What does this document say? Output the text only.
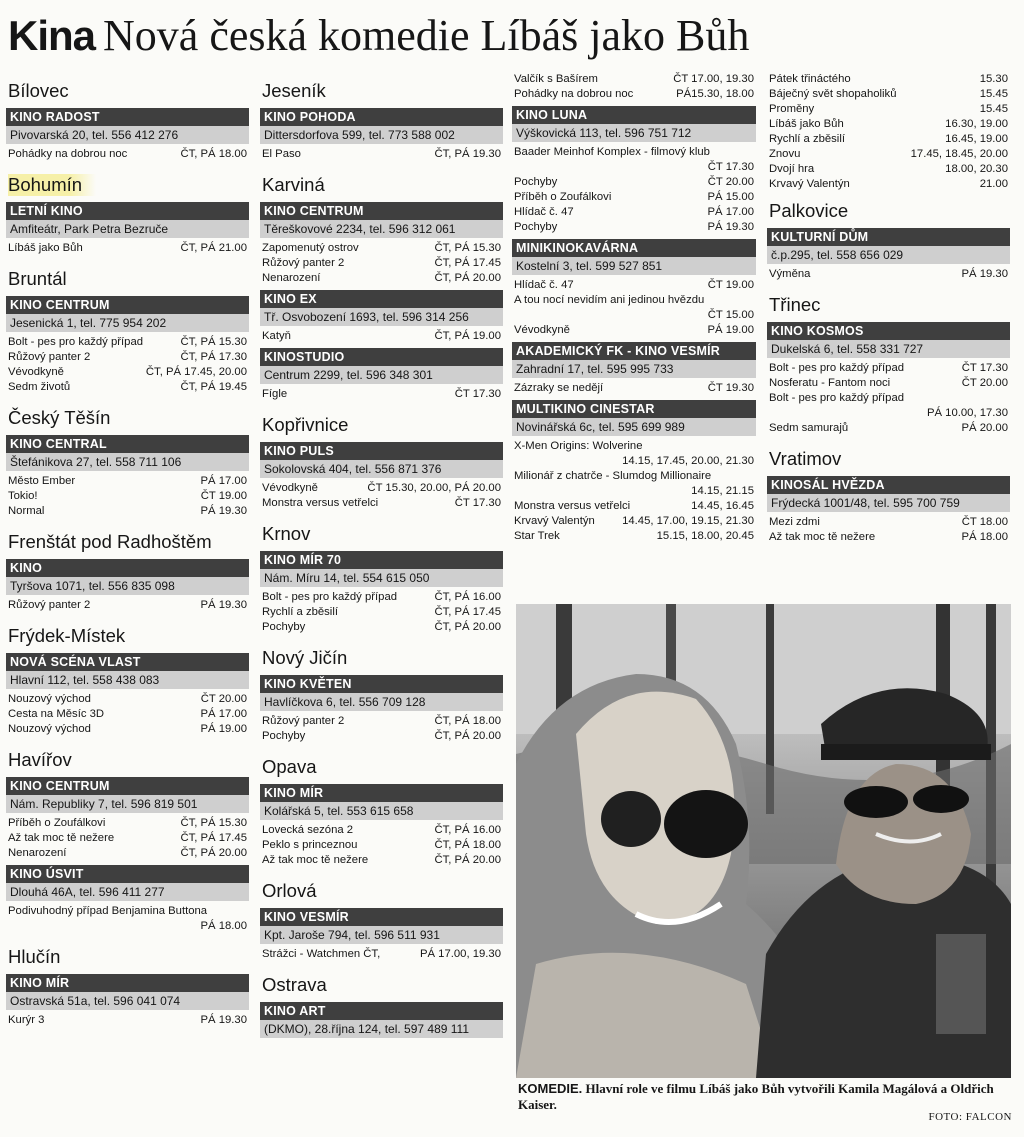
Kina Nová česká komedie Líbáš jako Bůh
Bílovec
KINO RADOST
Pivovarská 20, tel. 556 412 276
Pohádky na dobrou noc	ČT, PÁ 18.00
Bohumín
LETNÍ KINO
Amfiteátr, Park Petra Bezruče
Líbáš jako Bůh	ČT, PÁ 21.00
Bruntál
KINO CENTRUM
Jesenická 1, tel. 775 954 202
Bolt - pes pro každý případ	ČT, PÁ 15.30
Růžový panter 2	ČT, PÁ 17.30
Vévodkyně	ČT, PÁ 17.45, 20.00
Sedm životů	ČT, PÁ 19.45
Český Těšín
KINO CENTRAL
Štefánikova 27, tel. 558 711 106
Město Ember	PÁ 17.00
Tokio!	ČT 19.00
Normal	PÁ 19.30
Frenštát pod Radhoštěm
KINO
Tyršova 1071, tel. 556 835 098
Růžový panter 2	PÁ 19.30
Frýdek-Místek
NOVÁ SCÉNA VLAST
Hlavní 112, tel. 558 438 083
Nouzový východ	ČT 20.00
Cesta na Měsíc 3D	PÁ 17.00
Nouzový východ	PÁ 19.00
Havířov
KINO CENTRUM
Nám. Republiky 7, tel. 596 819 501
Příběh o Zoufálkovi	ČT, PÁ 15.30
Až tak moc tě nežere	ČT, PÁ 17.45
Nenarození	ČT, PÁ 20.00
KINO ÚSVIT
Dlouhá 46A, tel. 596 411 277
Podivuhodný případ Benjamina Buttona
PÁ 18.00
Hlučín
KINO MÍR
Ostravská 51a, tel. 596 041 074
Kurýr 3	PÁ 19.30
Jeseník
KINO POHODA
Dittersdorfova 599, tel. 773 588 002
El Paso	ČT, PÁ 19.30
Karviná
KINO CENTRUM
Těreškovové 2234, tel. 596 312 061
Zapomenutý ostrov	ČT, PÁ 15.30
Růžový panter 2	ČT, PÁ 17.45
Nenarození	ČT, PÁ 20.00
KINO EX
Tř. Osvobození 1693, tel. 596 314 256
Katyň	ČT, PÁ 19.00
KINOSTUDIO
Centrum 2299, tel. 596 348 301
Fígle	ČT 17.30
Kopřivnice
KINO PULS
Sokolovská 404, tel. 556 871 376
Vévodkyně	ČT 15.30, 20.00, PÁ 20.00
Monstra versus vetřelci	ČT 17.30
Krnov
KINO MÍR 70
Nám. Míru 14, tel. 554 615 050
Bolt - pes pro každý případ	ČT, PÁ 16.00
Rychlí a zběsilí	ČT, PÁ 17.45
Pochyby	ČT, PÁ 20.00
Nový Jičín
KINO KVĚTEN
Havlíčkova 6, tel. 556 709 128
Růžový panter 2	ČT, PÁ 18.00
Pochyby	ČT, PÁ 20.00
Opava
KINO MÍR
Kolářská 5, tel. 553 615 658
Lovecká sezóna 2	ČT, PÁ 16.00
Peklo s princeznou	ČT, PÁ 18.00
Až tak moc tě nežere	ČT, PÁ 20.00
Orlová
KINO VESMÍR
Kpt. Jaroše 794, tel. 596 511 931
Strážci - Watchmen ČT,	PÁ 17.00, 19.30
Ostrava
KINO ART
(DKMO), 28.října 124, tel. 597 489 111
Valčík s Bašírem	ČT 17.00, 19.30
Pohádky na dobrou noc	PÁ15.30, 18.00
KINO LUNA
Výškovická 113, tel. 596 751 712
Baader Meinhof Komplex - filmový klub
ČT 17.30
Pochyby	ČT 20.00
Příběh o Zoufálkovi	PÁ 15.00
Hlídač č. 47	PÁ 17.00
Pochyby	PÁ 19.30
MINIKINOKAVÁRNA
Kostelní 3, tel. 599 527 851
Hlídač č. 47	ČT 19.00
A tou nocí nevidím ani jedinou hvězdu
ČT 15.00
Vévodkyně	PÁ 19.00
AKADEMICKÝ FK - KINO VESMÍR
Zahradní 17, tel. 595 995 733
Zázraky se nedějí	ČT 19.30
MULTIKINO CINESTAR
Novinářská 6c, tel. 595 699 989
X-Men Origins: Wolverine
14.15, 17.45, 20.00, 21.30
Milionář z chatrče - Slumdog Millionaire
14.15, 21.15
Monstra versus vetřelci	14.45, 16.45
Krvavý Valentýn 14.45, 17.00, 19.15, 21.30
Star Trek	15.15, 18.00, 20.45
Pátek třináctého	15.30
Báječný svět shopaholiků	15.45
Proměny	15.45
Líbáš jako Bůh	16.30, 19.00
Rychlí a zběsilí	16.45, 19.00
Znovu	17.45, 18.45, 20.00
Dvojí hra	18.00, 20.30
Krvavý Valentýn	21.00
Palkovice
KULTURNÍ DŮM
č.p.295, tel. 558 656 029
Výměna	PÁ 19.30
Třinec
KINO KOSMOS
Dukelská 6, tel. 558 331 727
Bolt - pes pro každý případ	ČT 17.30
Nosferatu - Fantom noci	ČT 20.00
Bolt - pes pro každý případ
PÁ 10.00, 17.30
Sedm samurajů	PÁ 20.00
Vratimov
KINOSÁL HVĚZDA
Frýdecká 1001/48, tel. 595 700 759
Mezi zdmi	ČT 18.00
Až tak moc tě nežere	PÁ 18.00
KOMEDIE. Hlavní role ve filmu Líbáš jako Bůh vytvořili Kamila Magálová a Oldřich Kaiser.
FOTO: FALCON
